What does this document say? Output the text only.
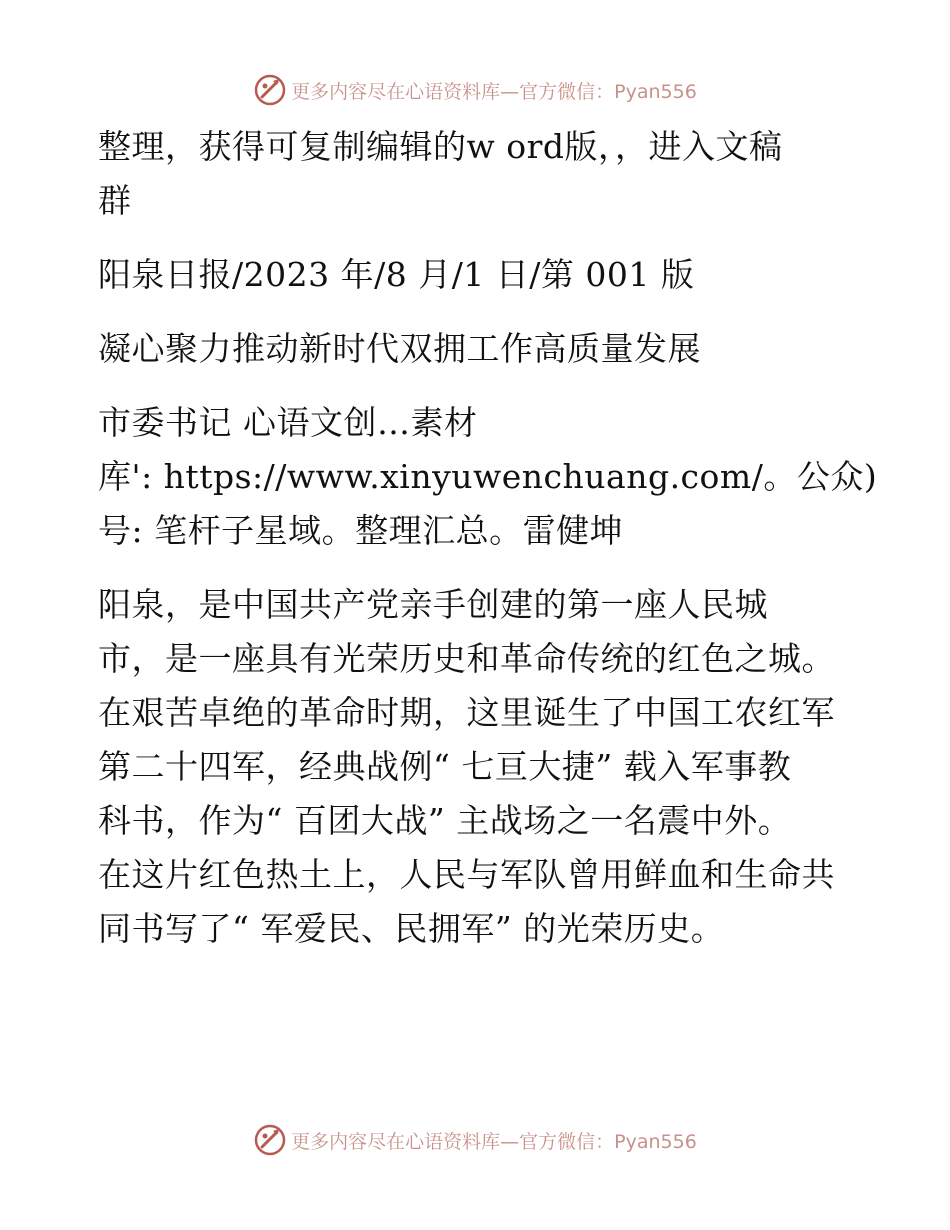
更多内容尽在心语资料库—官方微信：Pyan556
整理，获得可复制编辑的w ord版，，进入文稿
群
阳泉日报/2023 年/8 月/1 日/第 001 版
凝心聚力推动新时代双拥工作高质量发展
市委书记 心语文创…素材
库': https://www.xinyuwenchuang.com/。公众)
号: 笔杆子星域。整理汇总。雷健坤
阳泉，是中国共产党亲手创建的第一座人民城
市，是一座具有光荣历史和革命传统的红色之城。
在艰苦卓绝的革命时期，这里诞生了中国工农红军
第二十四军，经典战例“ 七亘大捷” 载入军事教
科书，作为“ 百团大战” 主战场之一名震中外。
在这片红色热土上，人民与军队曾用鲜血和生命共
同书写了“ 军爱民、民拥军” 的光荣历史。
更多内容尽在心语资料库—官方微信：Pyan556
